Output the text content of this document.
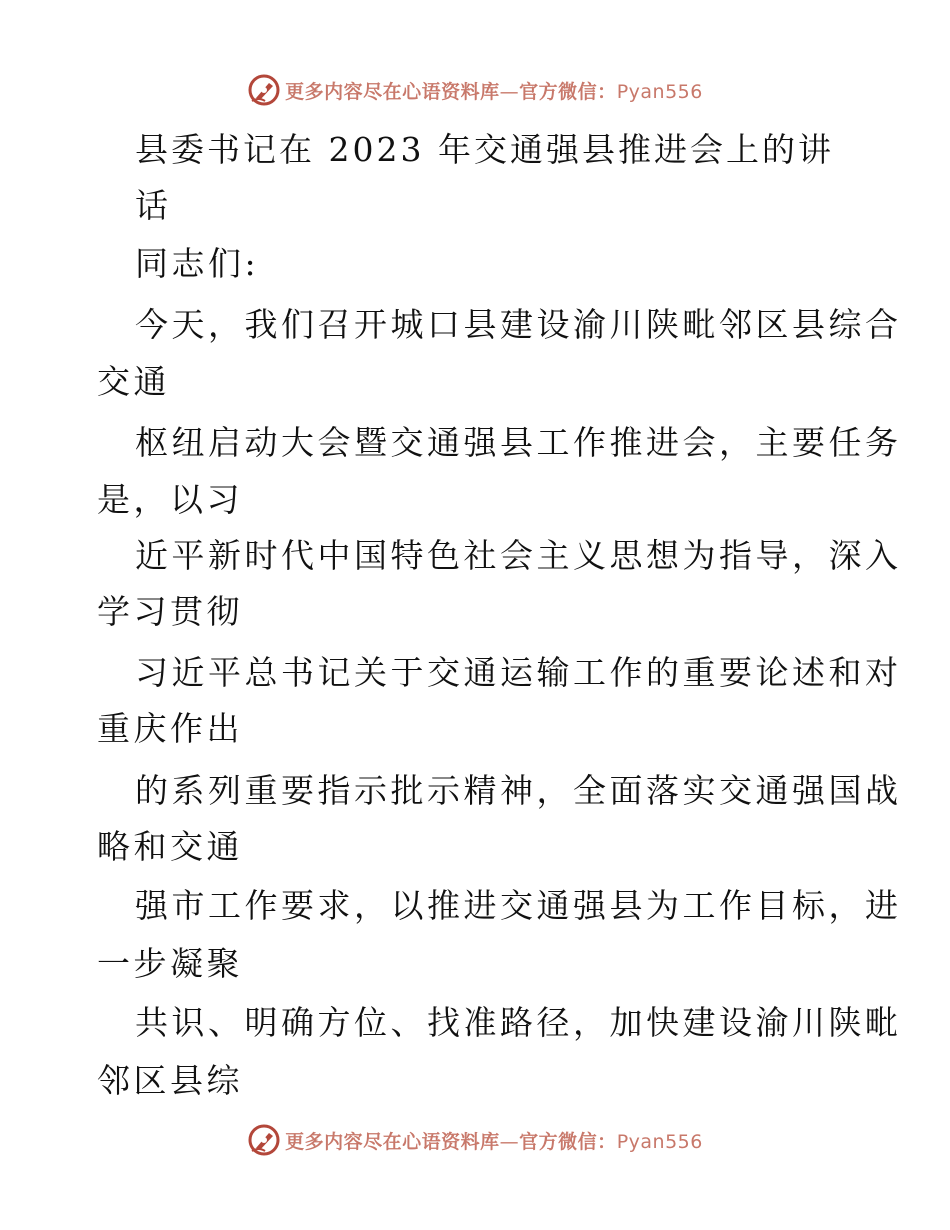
更多内容尽在心语资料库—官方微信：Pyan556
县委书记在 2023 年交通强县推进会上的讲
话
同志们:
今天，我们召开城口县建设渝川陕毗邻区县综合
交通
枢纽启动大会暨交通强县工作推进会，主要任务
是，以习
近平新时代中国特色社会主义思想为指导，深入
学习贯彻
习近平总书记关于交通运输工作的重要论述和对
重庆作出
的系列重要指示批示精神，全面落实交通强国战
略和交通
强市工作要求，以推进交通强县为工作目标，进
一步凝聚
共识、明确方位、找准路径，加快建设渝川陕毗
邻区县综
更多内容尽在心语资料库—官方微信：Pyan556
